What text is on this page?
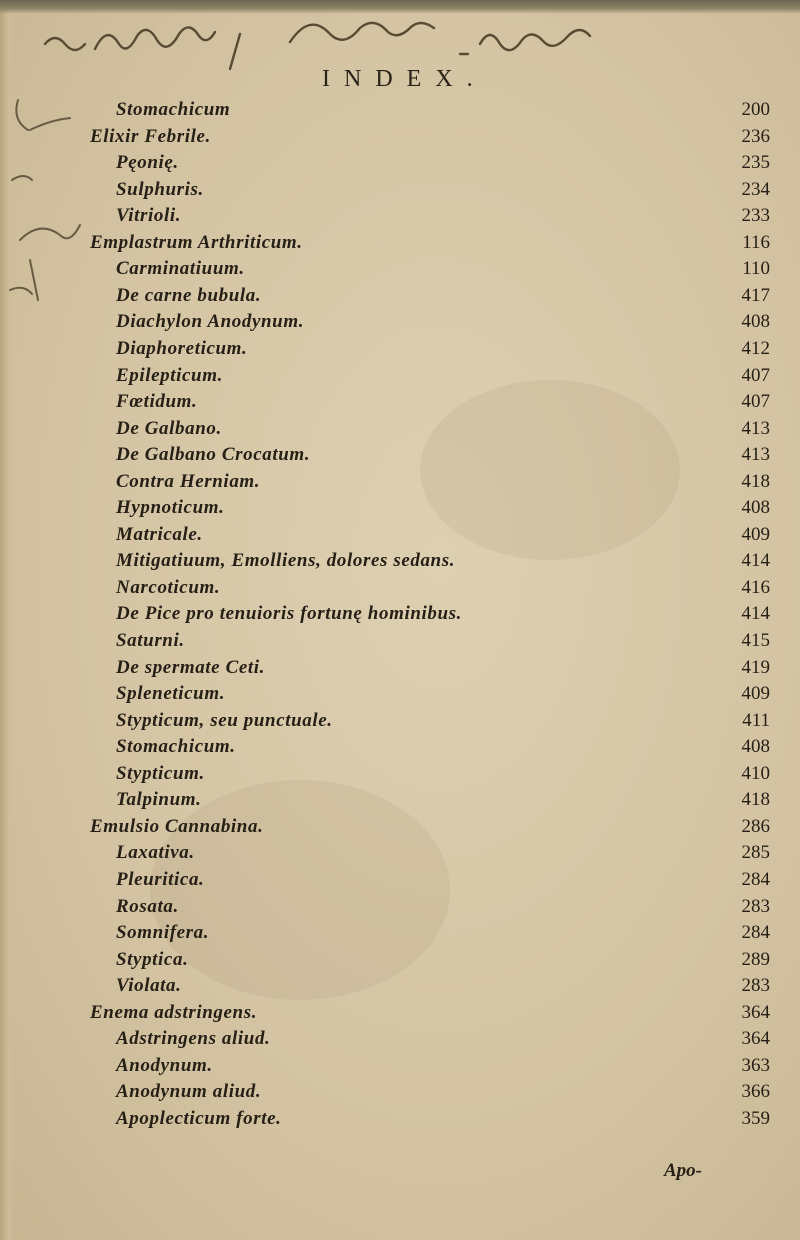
INDEX.
Stomachicum	200
Elixir Febrile.	236
Pęonię.	235
Sulphuris.	234
Vitrioli.	233
Emplastrum Arthriticum.	116
Carminatiuum.	110
De carne bubula.	417
Diachylon Anodynum.	408
Diaphoreticum.	412
Epilepticum.	407
Fœtidum.	407
De Galbano.	413
De Galbano Crocatum.	413
Contra Herniam.	418
Hypnoticum.	408
Matricale.	409
Mitigatiuum, Emolliens, dolores sedans.	414
Narcoticum.	416
De Pice pro tenuioris fortunę hominibus.	414
Saturni.	415
De spermate Ceti.	419
Spleneticum.	409
Stypticum, seu punctuale.	411
Stomachicum.	408
Stypticum.	410
Talpinum.	418
Emulsio Cannabina.	286
Laxativa.	285
Pleuritica.	284
Rosata.	283
Somnifera.	284
Styptica.	289
Violata.	283
Enema adstringens.	364
Adstringens aliud.	364
Anodynum.	363
Anodynum aliud.	366
Apoplecticum forte.	359
Apo-
